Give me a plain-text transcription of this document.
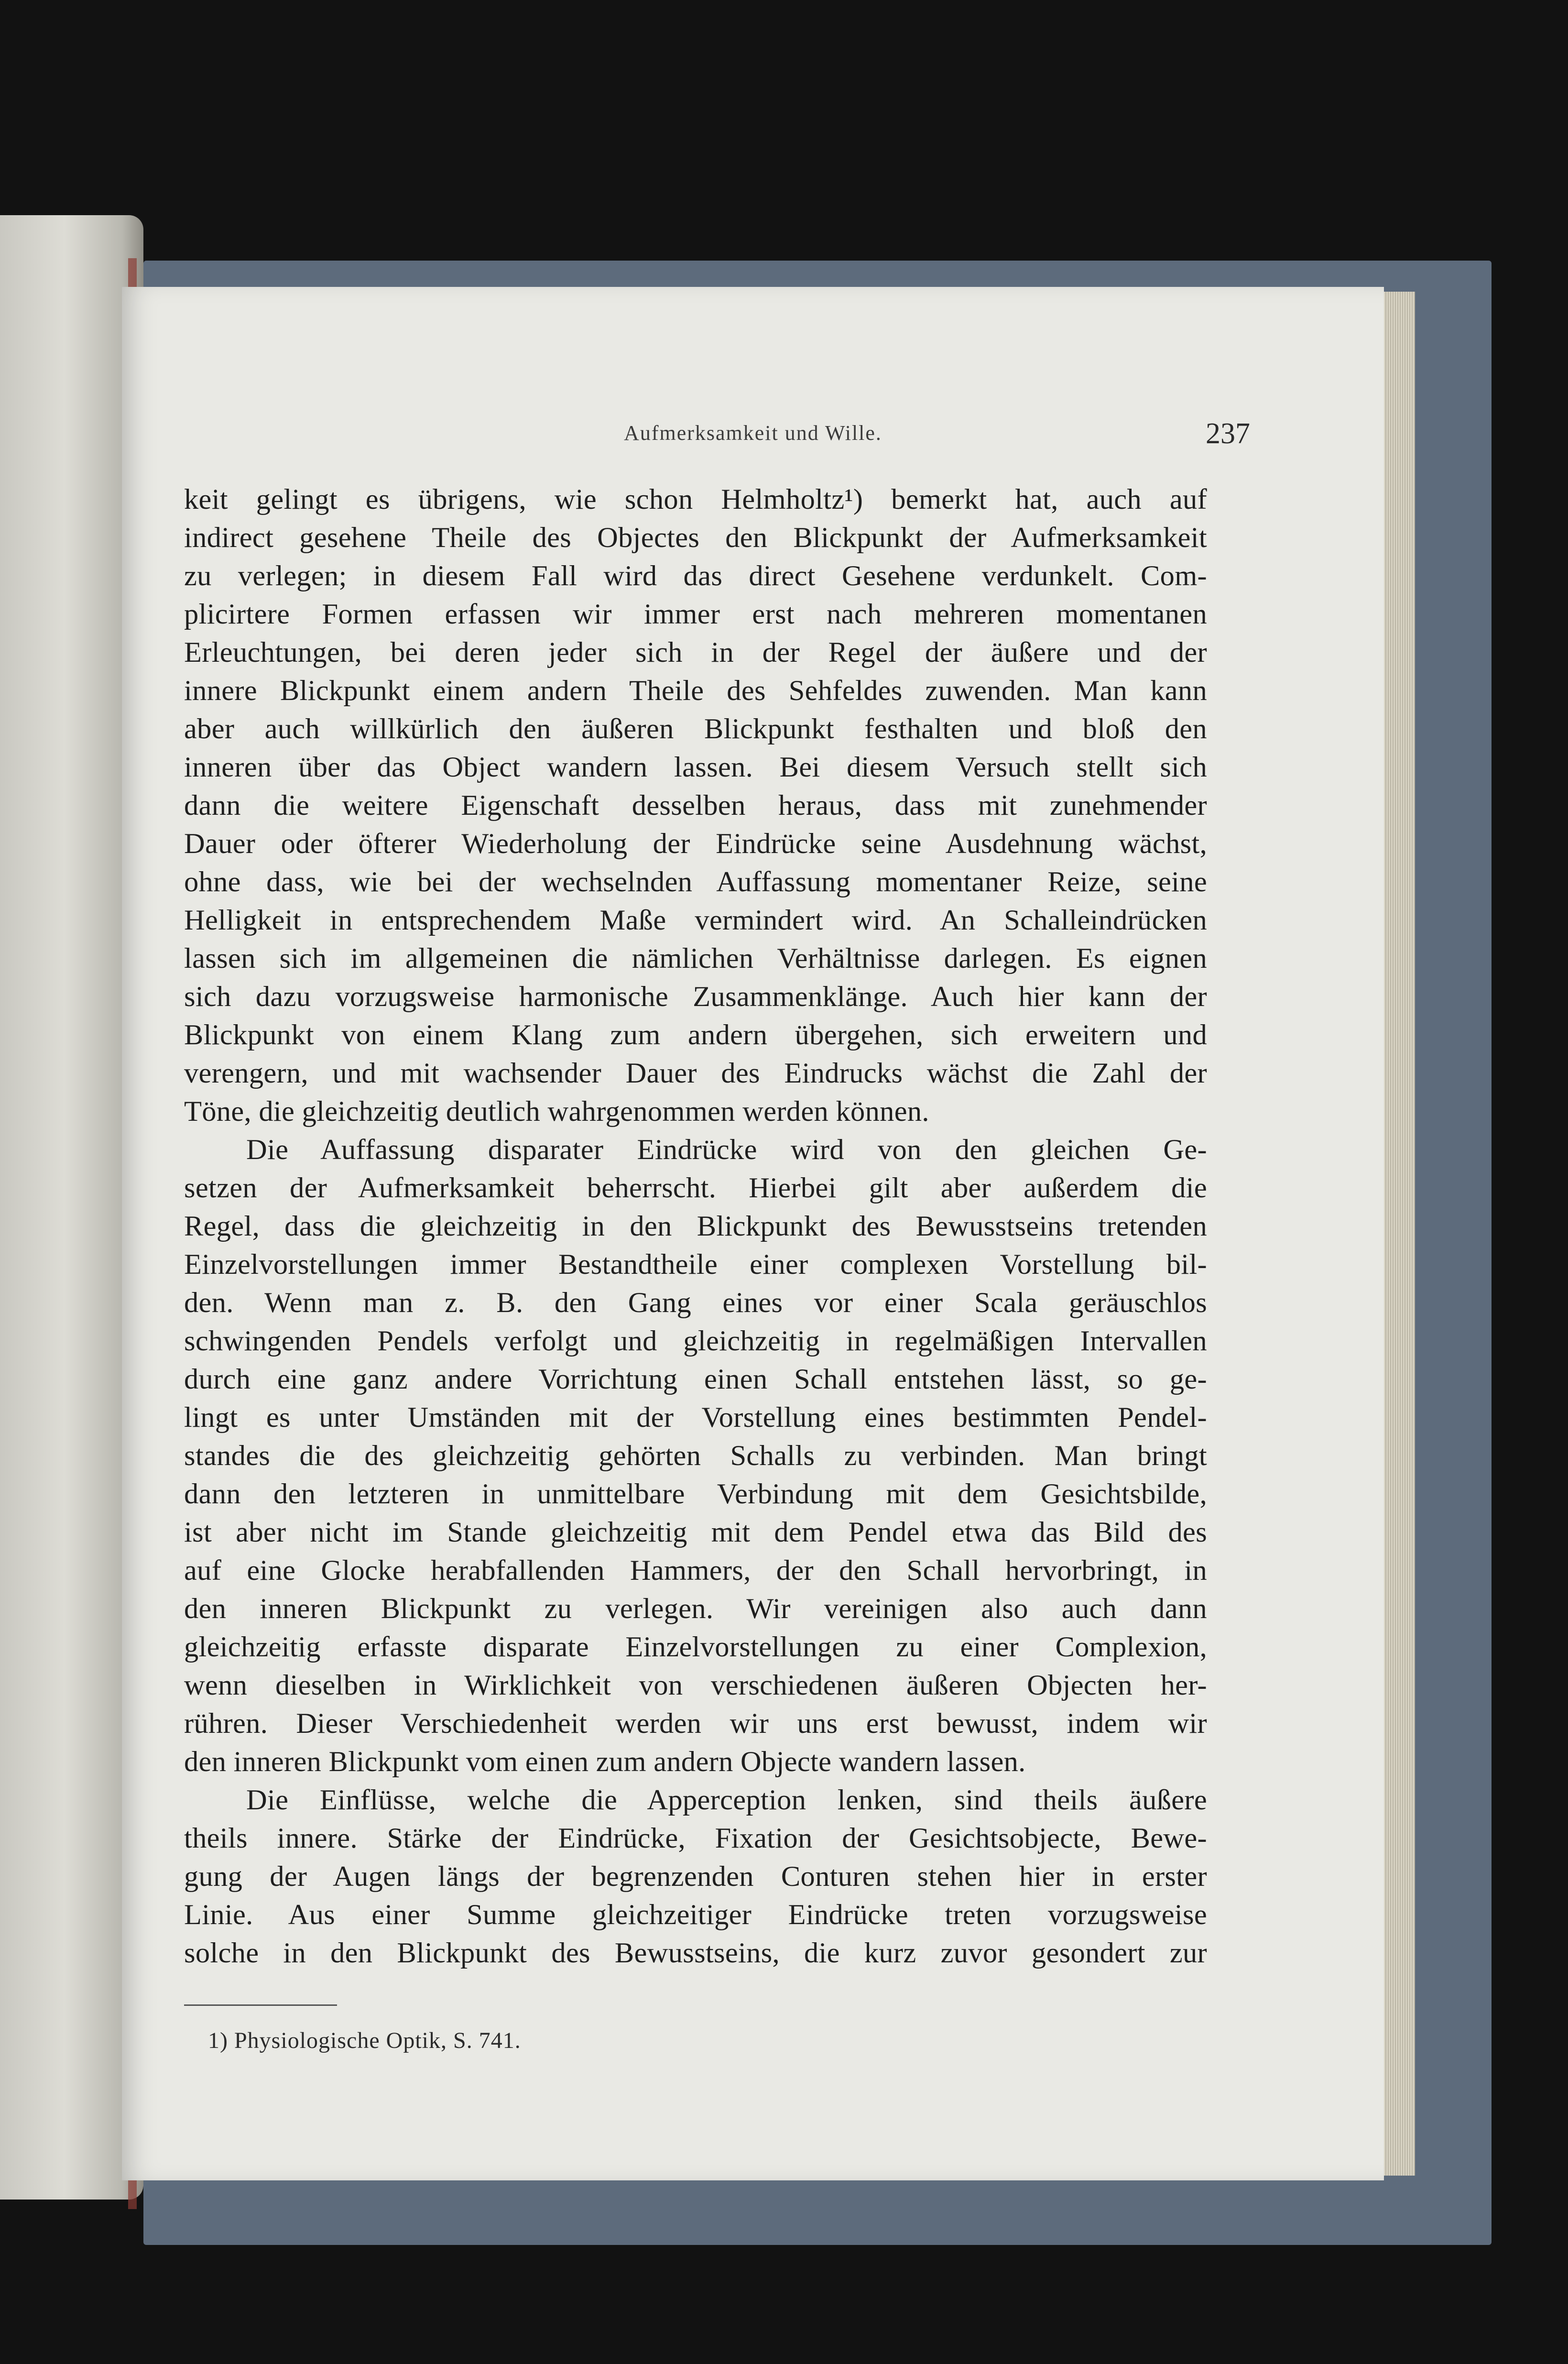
Aufmerksamkeit und Wille.	237
keit gelingt es übrigens, wie schon Helmholtz¹) bemerkt hat, auch auf
indirect gesehene Theile des Objectes den Blickpunkt der Aufmerksamkeit
zu verlegen; in diesem Fall wird das direct Gesehene verdunkelt. Com-
plicirtere Formen erfassen wir immer erst nach mehreren momentanen
Erleuchtungen, bei deren jeder sich in der Regel der äußere und der
innere Blickpunkt einem andern Theile des Sehfeldes zuwenden. Man kann
aber auch willkürlich den äußeren Blickpunkt festhalten und bloß den
inneren über das Object wandern lassen. Bei diesem Versuch stellt sich
dann die weitere Eigenschaft desselben heraus, dass mit zunehmender
Dauer oder öfterer Wiederholung der Eindrücke seine Ausdehnung wächst,
ohne dass, wie bei der wechselnden Auffassung momentaner Reize, seine
Helligkeit in entsprechendem Maße vermindert wird. An Schalleindrücken
lassen sich im allgemeinen die nämlichen Verhältnisse darlegen. Es eignen
sich dazu vorzugsweise harmonische Zusammenklänge. Auch hier kann der
Blickpunkt von einem Klang zum andern übergehen, sich erweitern und
verengern, und mit wachsender Dauer des Eindrucks wächst die Zahl der
Töne, die gleichzeitig deutlich wahrgenommen werden können.
Die Auffassung disparater Eindrücke wird von den gleichen Ge-
setzen der Aufmerksamkeit beherrscht. Hierbei gilt aber außerdem die
Regel, dass die gleichzeitig in den Blickpunkt des Bewusstseins tretenden
Einzelvorstellungen immer Bestandtheile einer complexen Vorstellung bil-
den. Wenn man z. B. den Gang eines vor einer Scala geräuschlos
schwingenden Pendels verfolgt und gleichzeitig in regelmäßigen Intervallen
durch eine ganz andere Vorrichtung einen Schall entstehen lässt, so ge-
lingt es unter Umständen mit der Vorstellung eines bestimmten Pendel-
standes die des gleichzeitig gehörten Schalls zu verbinden. Man bringt
dann den letzteren in unmittelbare Verbindung mit dem Gesichtsbilde,
ist aber nicht im Stande gleichzeitig mit dem Pendel etwa das Bild des
auf eine Glocke herabfallenden Hammers, der den Schall hervorbringt, in
den inneren Blickpunkt zu verlegen. Wir vereinigen also auch dann
gleichzeitig erfasste disparate Einzelvorstellungen zu einer Complexion,
wenn dieselben in Wirklichkeit von verschiedenen äußeren Objecten her-
rühren. Dieser Verschiedenheit werden wir uns erst bewusst, indem wir
den inneren Blickpunkt vom einen zum andern Objecte wandern lassen.
Die Einflüsse, welche die Apperception lenken, sind theils äußere
theils innere. Stärke der Eindrücke, Fixation der Gesichtsobjecte, Bewe-
gung der Augen längs der begrenzenden Conturen stehen hier in erster
Linie. Aus einer Summe gleichzeitiger Eindrücke treten vorzugsweise
solche in den Blickpunkt des Bewusstseins, die kurz zuvor gesondert zur
1) Physiologische Optik, S. 741.
